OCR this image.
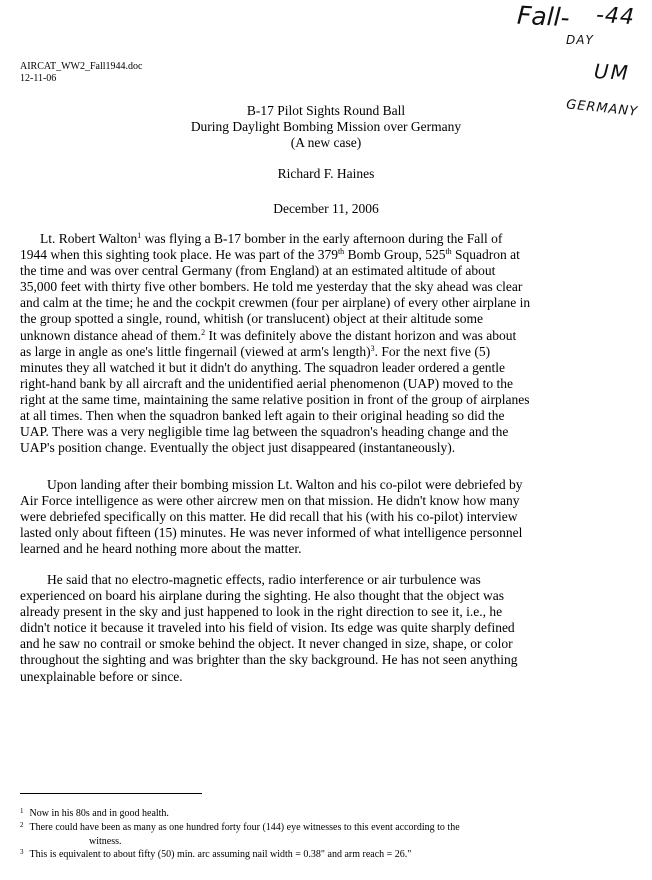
Fall- -44
DAY
UM
GERMANY
AIRCAT_WW2_Fall1944.doc
12-11-06
B-17 Pilot Sights Round Ball
During Daylight Bombing Mission over Germany
(A new case)
Richard F. Haines
December 11, 2006
Lt. Robert Walton$^1$ was flying a B-17 bomber in the early afternoon during the Fall of
1944 when this sighting took place. He was part of the 379th Bomb Group, 525th Squadron at
the time and was over central Germany (from England) at an estimated altitude of about
35,000 feet with thirty five other bombers. He told me yesterday that the sky ahead was clear
and calm at the time; he and the cockpit crewmen (four per airplane) of every other airplane in
the group spotted a single, round, whitish (or translucent) object at their altitude some
unknown distance ahead of them.$^2$ It was definitely above the distant horizon and was about
as large in angle as one's little fingernail (viewed at arm's length)$^3$. For the next five (5)
minutes they all watched it but it didn't do anything. The squadron leader ordered a gentle
right-hand bank by all aircraft and the unidentified aerial phenomenon (UAP) moved to the
right at the same time, maintaining the same relative position in front of the group of airplanes
at all times. Then when the squadron banked left again to their original heading so did the
UAP. There was a very negligible time lag between the squadron's heading change and the
UAP's position change. Eventually the object just disappeared (instantaneously).
Upon landing after their bombing mission Lt. Walton and his co-pilot were debriefed by
Air Force intelligence as were other aircrew men on that mission. He didn't know how many
were debriefed specifically on this matter. He did recall that his (with his co-pilot) interview
lasted only about fifteen (15) minutes. He was never informed of what intelligence personnel
learned and he heard nothing more about the matter.
He said that no electro-magnetic effects, radio interference or air turbulence was
experienced on board his airplane during the sighting. He also thought that the object was
already present in the sky and just happened to look in the right direction to see it, i.e., he
didn't notice it because it traveled into his field of vision. Its edge was quite sharply defined
and he saw no contrail or smoke behind the object. It never changed in size, shape, or color
throughout the sighting and was brighter than the sky background. He has not seen anything
unexplainable before or since.
$^1$ Now in his 80s and in good health.
$^2$ There could have been as many as one hundred forty four (144) eye witnesses to this event according to the
witness.
$^3$ This is equivalent to about fifty (50) min. arc assuming nail width = 0.38" and arm reach = 26."
